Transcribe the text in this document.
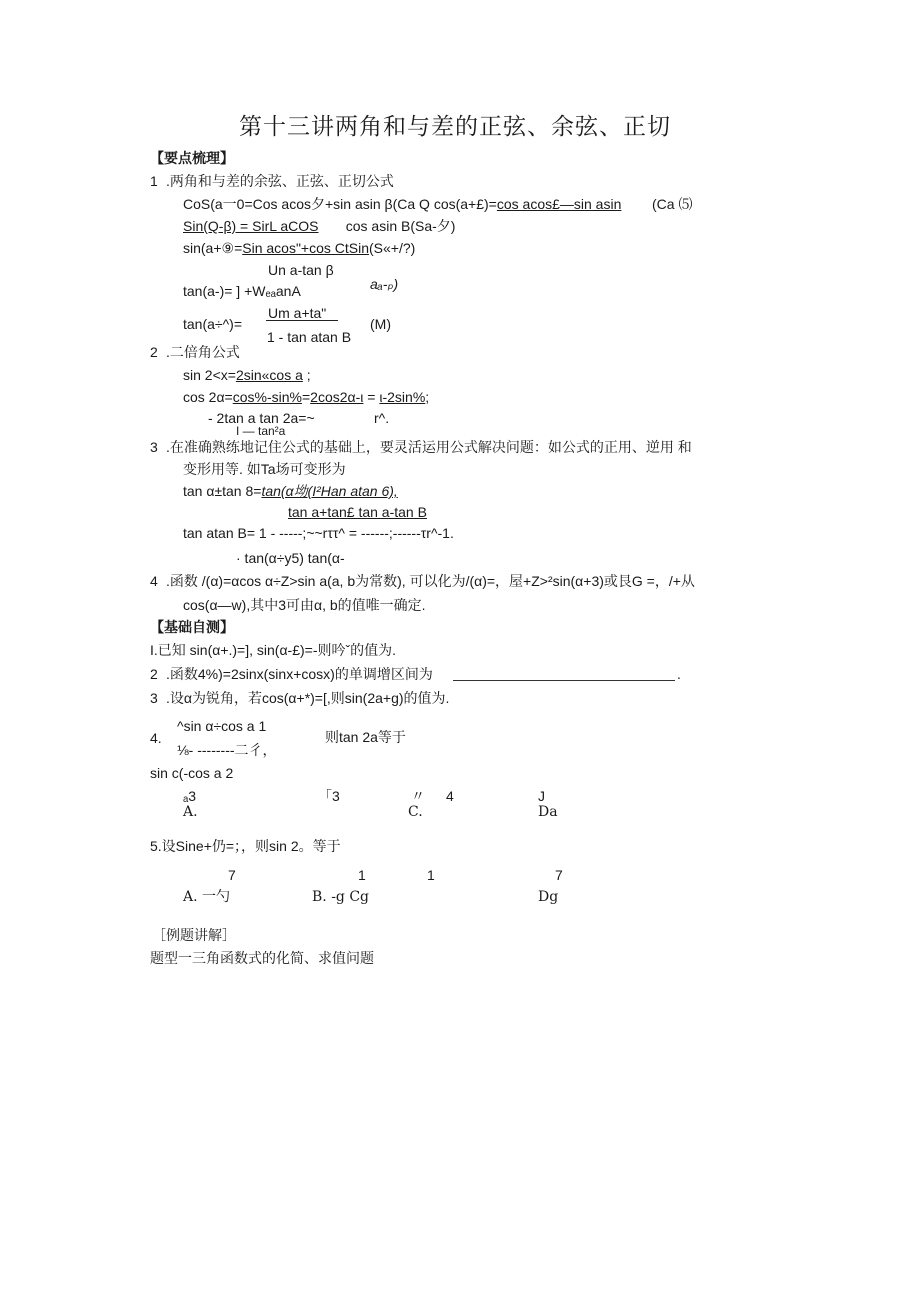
第十三讲两角和与差的正弦、余弦、正切
【要点梳理】
1 .两角和与差的余弦、正弦、正切公式
CoS(a一0=Cos acos夕+sin asin β(Ca Q cos(a+£)=cos acos£—sin asin (Ca ⑸
Sin(Q-β) = SirL aCOS cos asin B(Sa-夕)
sin(a+⑨=Sin acos"+cos CtSin(S«+/?)
Un a-tan β
tan(a-)= ] +WₑₐanA	aₐ-ₚ)
Um a+ta"
tan(a÷^)=	(M)
1 - tan atan B
2 .二倍角公式
sin 2<x=2sin«cos a ;
cos 2α=cos%-sin%=2cos2α-ι = ι-2sin%;
- 2tan a tan 2a=~	r^.
I — tan²a
3 .在准确熟练地记住公式的基础上，要灵活运用公式解决问题：如公式的正用、逆用 和
变形用等. 如Ta场可变形为
tan α±tan 8=tan(α坳(I²Han atan 6),
tan a+tan£ tan a-tan B
tan atan B= 1 - -----;~~rττ^ = ------;------τr^-1.
· tan(α÷y5) tan(α-
4 .函数 /(α)=αcos α÷Z>sin a(a, b为常数), 可以化为/(α)=，屋+Z>²sin(α+3)或艮G =，/+从
cos(α—w),其中3可由α, b的值唯一确定.
【基础自测】
I.已知 sin(α+.)=], sin(α-£)=-则吟ˇ的值为.
2 .函数4%)=2sinx(sinx+cosx)的单调增区间为	.
3 .设α为锐角，若cos(α+*)=[,则sin(2a+g)的值为.
^sin α÷cos a 1
4.
⅛- --------二彳，
则tan 2a等于
sin c(-cos a 2
ₐ3	「3	〃 4	J
A.	C.	Da
5.设Sine+仍=；，则sin 2。等于
7	1	1	7
A. 一勺	B. -g Cg	Dg
［例题讲解］
题型一三角函数式的化简、求值问题
